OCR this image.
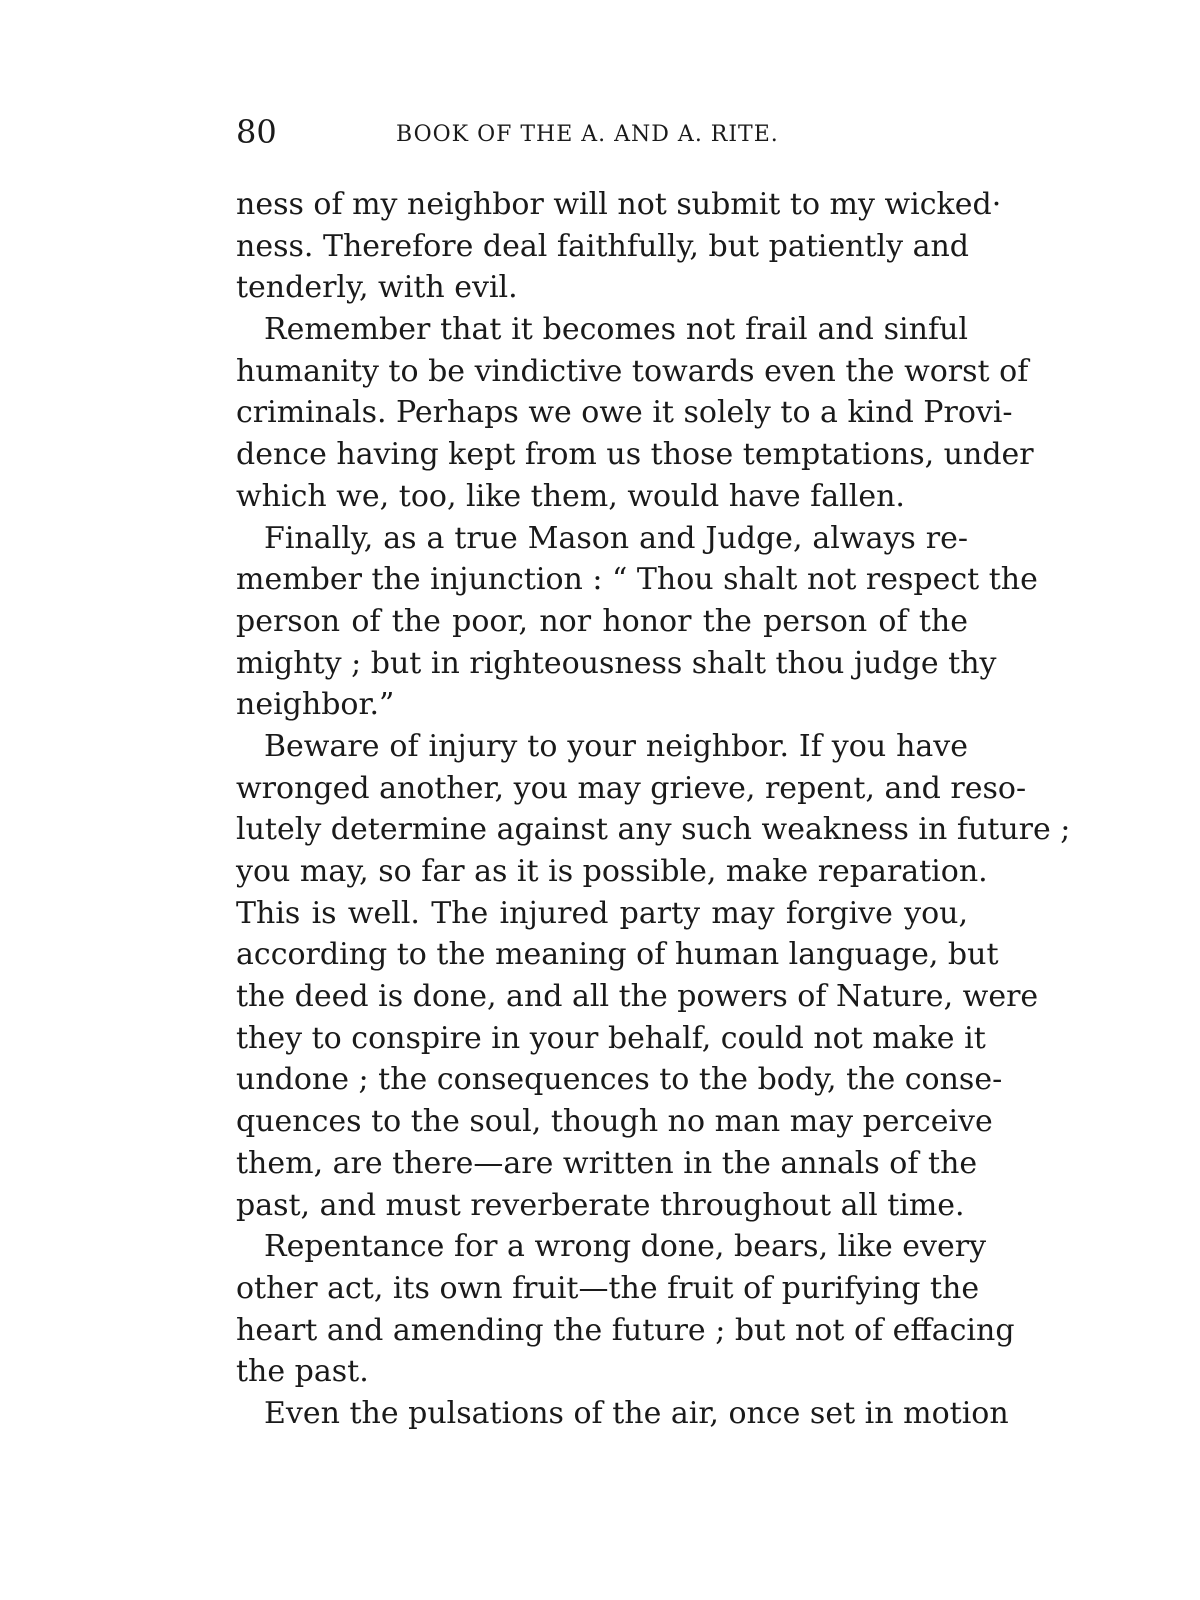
80	BOOK OF THE A. AND A. RITE.
ness of my neighbor will not submit to my wicked·
ness. Therefore deal faithfully, but patiently and
tenderly, with evil.
Remember that it becomes not frail and sinful
humanity to be vindictive towards even the worst of
criminals. Perhaps we owe it solely to a kind Provi-
dence having kept from us those temptations, under
which we, too, like them, would have fallen.
Finally, as a true Mason and Judge, always re-
member the injunction : “ Thou shalt not respect the
person of the poor, nor honor the person of the
mighty ; but in righteousness shalt thou judge thy
neighbor.”
Beware of injury to your neighbor. If you have
wronged another, you may grieve, repent, and reso-
lutely determine against any such weakness in future ;
you may, so far as it is possible, make reparation.
This is well. The injured party may forgive you,
according to the meaning of human language, but
the deed is done, and all the powers of Nature, were
they to conspire in your behalf, could not make it
undone ; the consequences to the body, the conse-
quences to the soul, though no man may perceive
them, are there—are written in the annals of the
past, and must reverberate throughout all time.
Repentance for a wrong done, bears, like every
other act, its own fruit—the fruit of purifying the
heart and amending the future ; but not of effacing
the past.
Even the pulsations of the air, once set in motion
